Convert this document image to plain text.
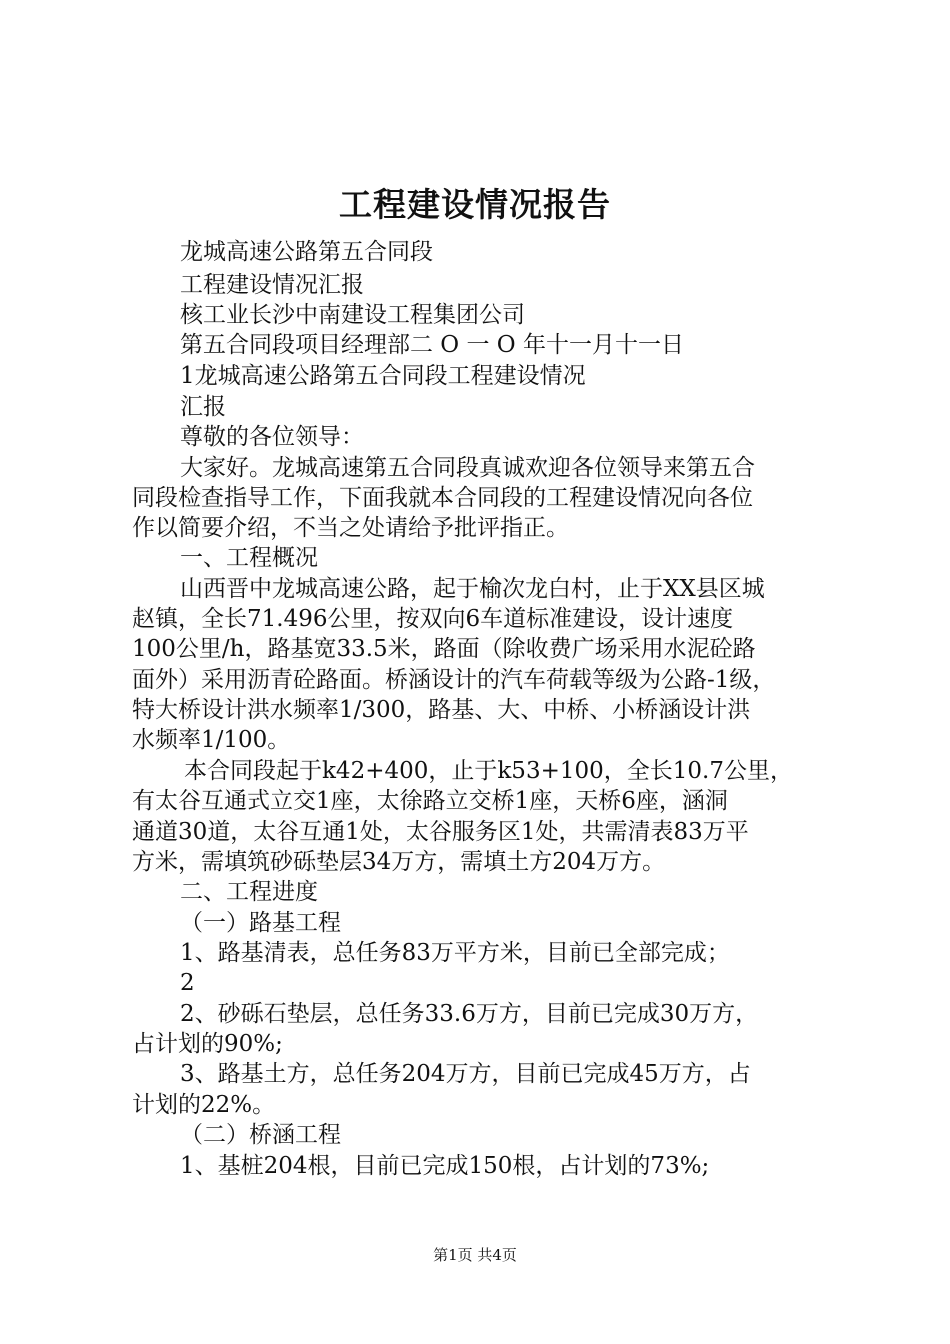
工程建设情况报告
龙城高速公路第五合同段
工程建设情况汇报
核工业长沙中南建设工程集团公司
第五合同段项目经理部二 O 一 O 年十一月十一日
1龙城高速公路第五合同段工程建设情况
汇报
尊敬的各位领导：
大家好。龙城高速第五合同段真诚欢迎各位领导来第五合
同段检查指导工作，下面我就本合同段的工程建设情况向各位
作以简要介绍，不当之处请给予批评指正。
一、工程概况
山西晋中龙城高速公路，起于榆次龙白村，止于XX县区城
赵镇，全长71.496公里，按双向6车道标准建设，设计速度
100公里/h，路基宽33.5米，路面（除收费广场采用水泥砼路
面外）采用沥青砼路面。桥涵设计的汽车荷载等级为公路-1级，
特大桥设计洪水频率1/300，路基、大、中桥、小桥涵设计洪
水频率1/100。
本合同段起于k42+400，止于k53+100，全长10.7公里，
有太谷互通式立交1座，太徐路立交桥1座，天桥6座，涵洞
通道30道，太谷互通1处，太谷服务区1处，共需清表83万平
方米，需填筑砂砾垫层34万方，需填土方204万方。
二、工程进度
（一）路基工程
1、路基清表，总任务83万平方米，目前已全部完成；
2
2、砂砾石垫层，总任务33.6万方，目前已完成30万方，
占计划的90%;
3、路基土方，总任务204万方，目前已完成45万方，占
计划的22%。
（二）桥涵工程
1、基桩204根，目前已完成150根，占计划的73%;
第1页 共4页
